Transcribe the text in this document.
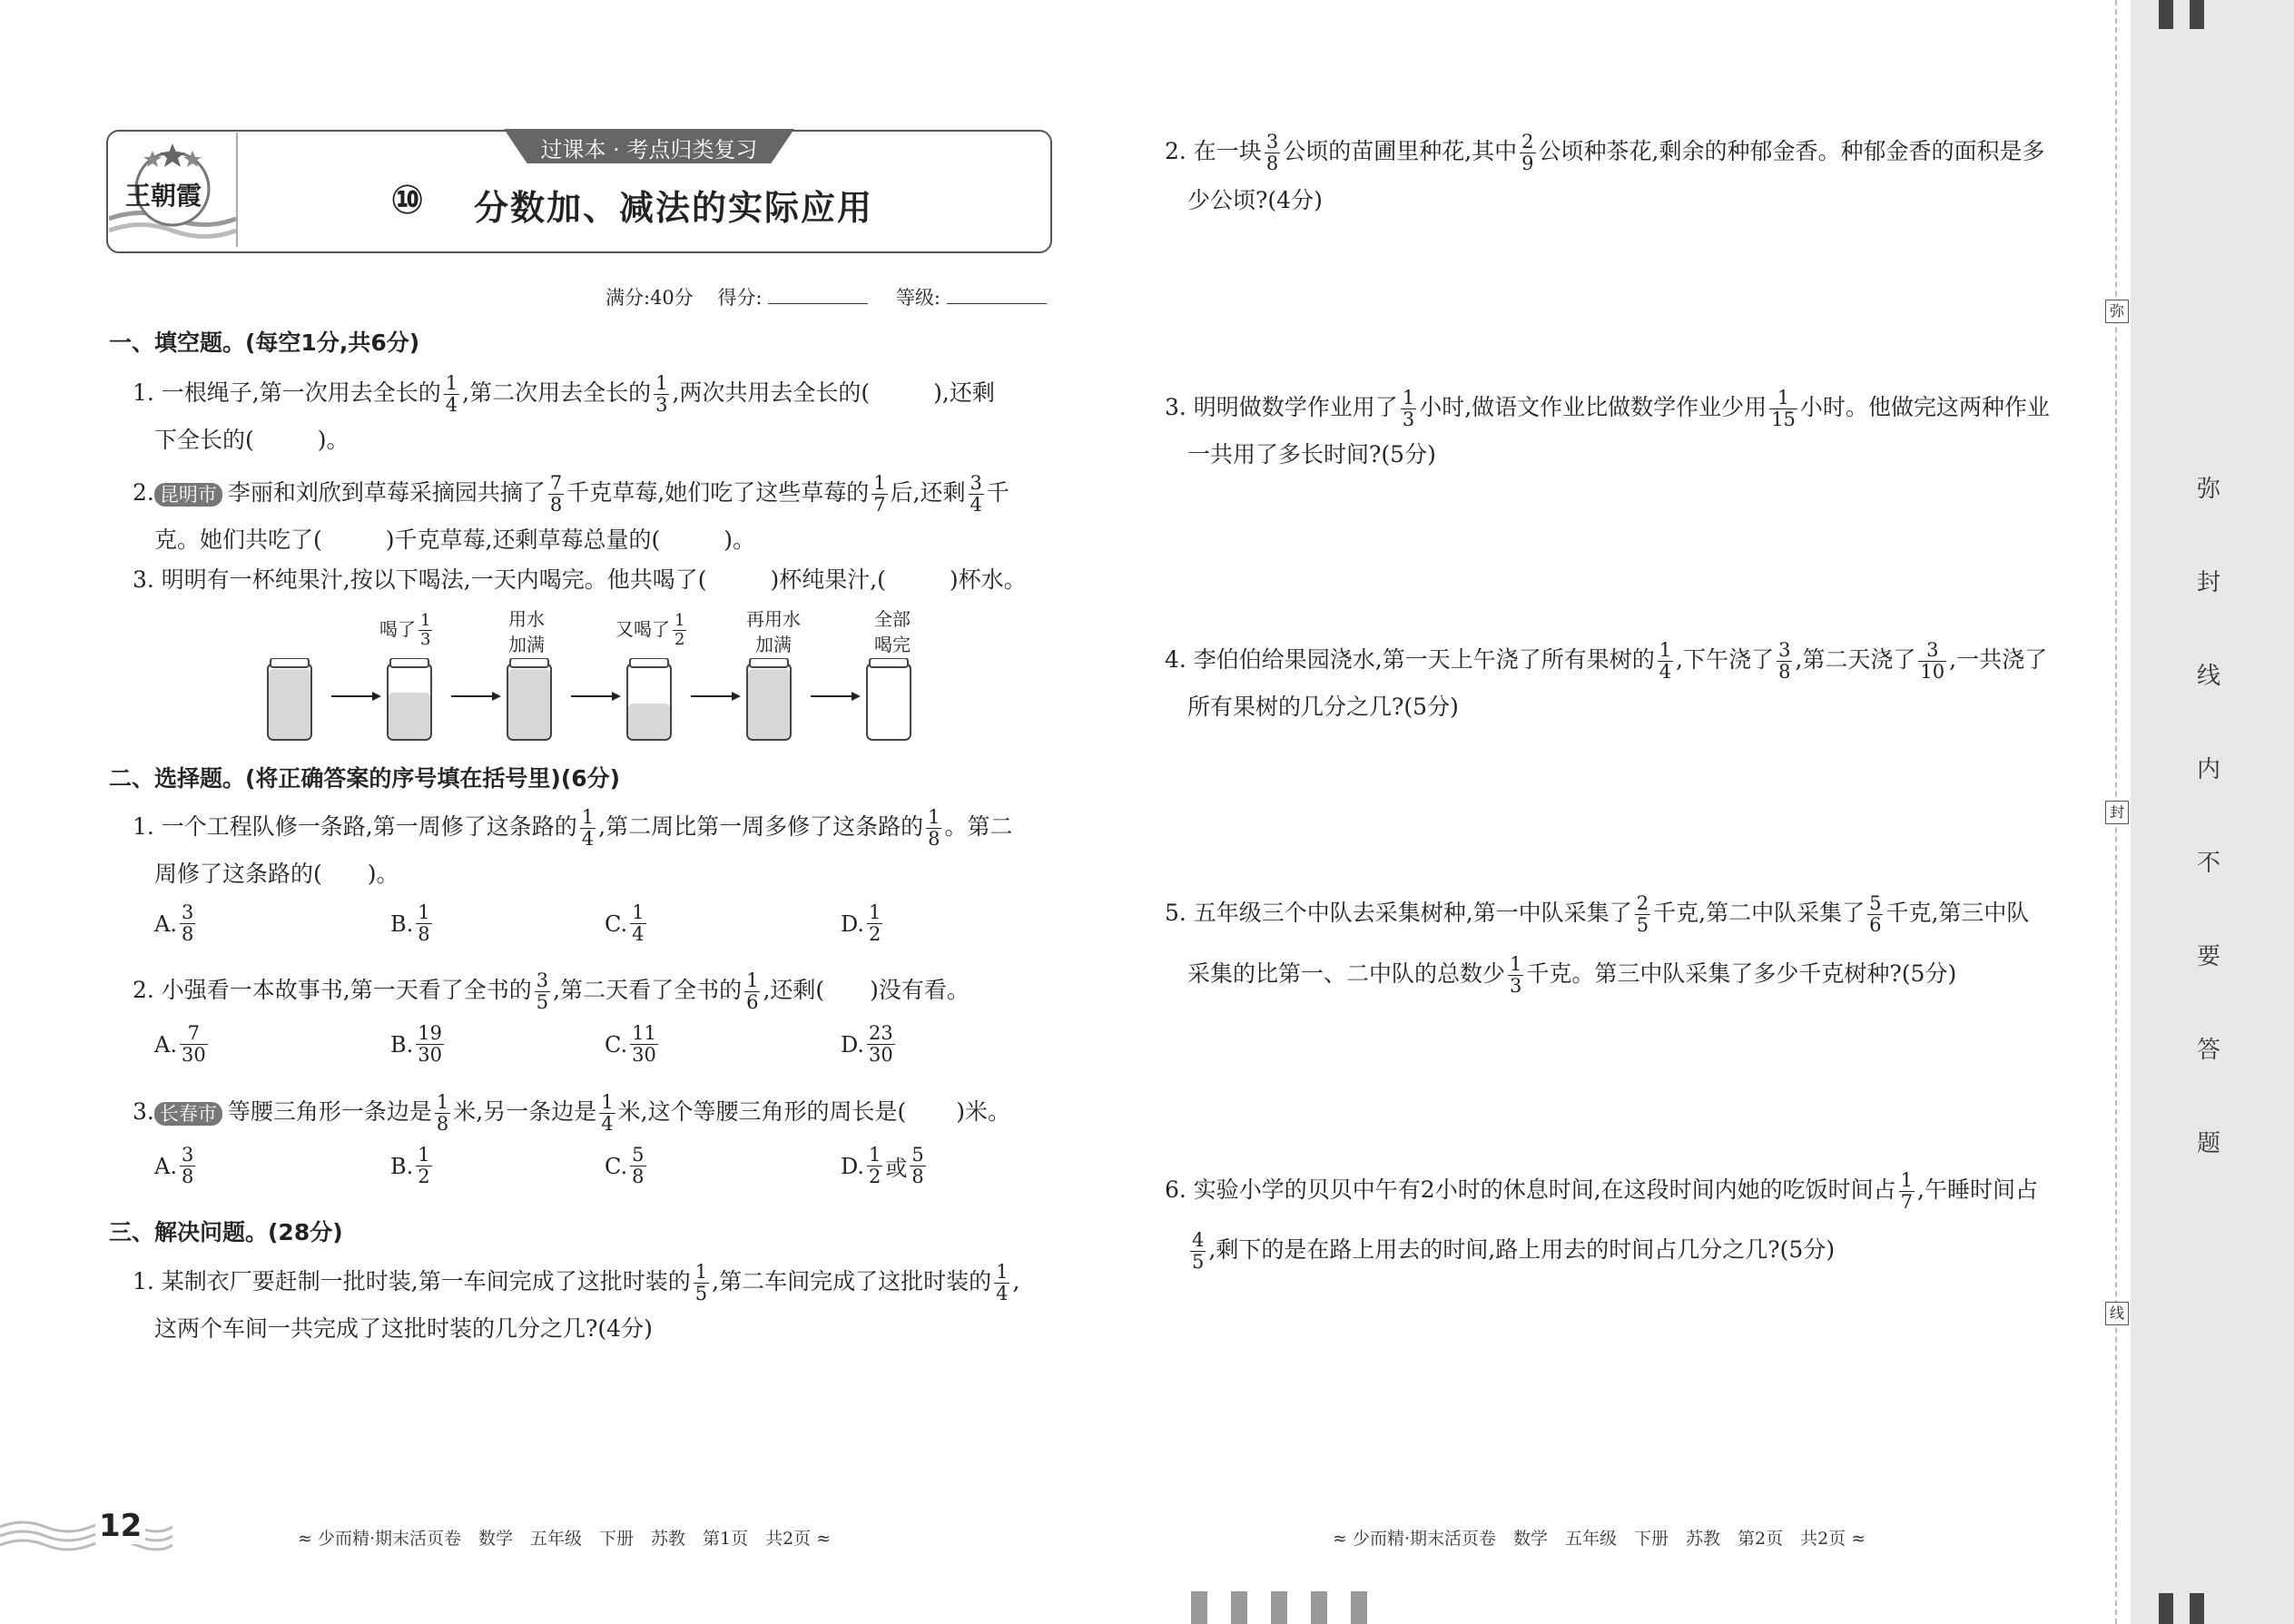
弥
封
线
内
不
要
答
题
弥
封
线
王朝霞
过课本 · 考点归类复习
⑩ 分数加、减法的实际应用
满分:40分 得分:	等级:
一、填空题。(每空1分,共6分)
1. 一根绳子,第一次用去全长的 $\frac{1}{4}$ ,第二次用去全长的 $\frac{1}{3}$ ,两次共用去全长的(	),还剩
下全长的(	)。
2. 昆明市 李丽和刘欣到草莓采摘园共摘了 $\frac{7}{8}$ 千克草莓,她们吃了这些草莓的 $\frac{1}{7}$ 后,还剩 $\frac{3}{4}$ 千
克。她们共吃了(	)千克草莓,还剩草莓总量的(	)。
3. 明明有一杯纯果汁,按以下喝法,一天内喝完。他共喝了(	)杯纯果汁,(	)杯水。
喝了 $\frac{1}{3}$	用水
加满
又喝了 $\frac{1}{2}$	再用水
加满
全部
喝完
二、选择题。(将正确答案的序号填在括号里)(6分)
1. 一个工程队修一条路,第一周修了这条路的 $\frac{1}{4}$ ,第二周比第一周多修了这条路的 $\frac{1}{8}$ 。第二
周修了这条路的( )。
A. $\frac{3}{8}$	B. $\frac{1}{8}$	C. $\frac{1}{4}$	D. $\frac{1}{2}$
2. 小强看一本故事书,第一天看了全书的 $\frac{3}{5}$ ,第二天看了全书的 $\frac{1}{6}$ ,还剩( )没有看。
A. $\frac{7}{30}$	B. $\frac{19}{30}$	C. $\frac{11}{30}$	D. $\frac{23}{30}$
3. 长春市 等腰三角形一条边是 $\frac{1}{8}$ 米,另一条边是 $\frac{1}{4}$ 米,这个等腰三角形的周长是( )米。
A. $\frac{3}{8}$	B. $\frac{1}{2}$	C. $\frac{5}{8}$	D. $\frac{1}{2}$ 或 $\frac{5}{8}$
三、解决问题。(28分)
1. 某制衣厂要赶制一批时装,第一车间完成了这批时装的 $\frac{1}{5}$ ,第二车间完成了这批时装的 $\frac{1}{4}$ ,
这两个车间一共完成了这批时装的几分之几?(4分)
2. 在一块 $\frac{3}{8}$ 公顷的苗圃里种花,其中 $\frac{2}{9}$ 公顷种茶花,剩余的种郁金香。种郁金香的面积是多
少公顷?(4分)
3. 明明做数学作业用了 $\frac{1}{3}$ 小时,做语文作业比做数学作业少用 $\frac{1}{15}$ 小时。他做完这两种作业
一共用了多长时间?(5分)
4. 李伯伯给果园浇水,第一天上午浇了所有果树的 $\frac{1}{4}$ ,下午浇了 $\frac{3}{8}$ ,第二天浇了 $\frac{3}{10}$ ,一共浇了
所有果树的几分之几?(5分)
5. 五年级三个中队去采集树种,第一中队采集了 $\frac{2}{5}$ 千克,第二中队采集了 $\frac{5}{6}$ 千克,第三中队
采集的比第一、二中队的总数少 $\frac{1}{3}$ 千克。第三中队采集了多少千克树种?(5分)
6. 实验小学的贝贝中午有2小时的休息时间,在这段时间内她的吃饭时间占 $\frac{1}{7}$ ,午睡时间占
$\frac{4}{5}$ ,剩下的是在路上用去的时间,路上用去的时间占几分之几?(5分)
12	≈ 少而精·期末活页卷　数学　五年级　下册　苏教　第1页　共2页 ≈	≈ 少而精·期末活页卷　数学　五年级　下册　苏教　第2页　共2页 ≈
